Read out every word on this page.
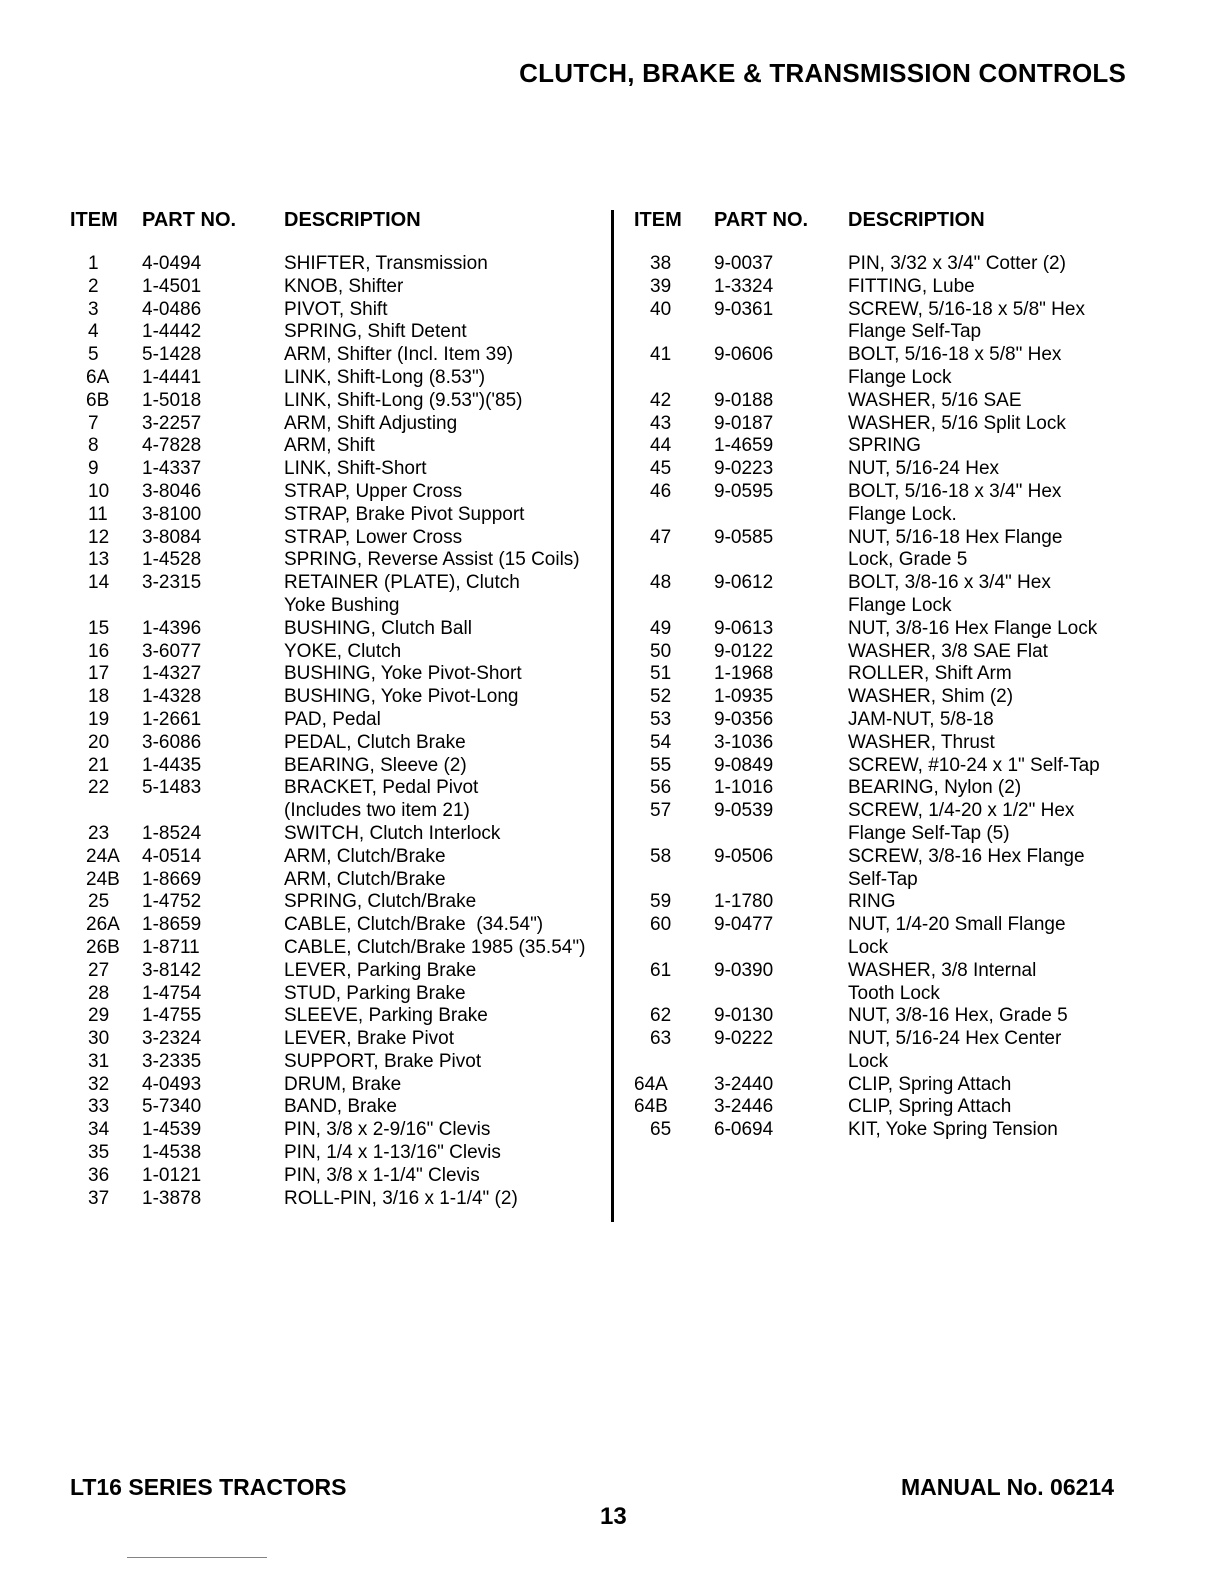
CLUTCH, BRAKE & TRANSMISSION CONTROLS
ITEM	PART NO.	DESCRIPTION
1	4-0494	SHIFTER, Transmission
2	1-4501	KNOB, Shifter
3	4-0486	PIVOT, Shift
4	1-4442	SPRING, Shift Detent
5	5-1428	ARM, Shifter (Incl. Item 39)
6A	1-4441	LINK, Shift-Long (8.53")
6B	1-5018	LINK, Shift-Long (9.53")('85)
7	3-2257	ARM, Shift Adjusting
8	4-7828	ARM, Shift
9	1-4337	LINK, Shift-Short
10	3-8046	STRAP, Upper Cross
11	3-8100	STRAP, Brake Pivot Support
12	3-8084	STRAP, Lower Cross
13	1-4528	SPRING, Reverse Assist (15 Coils)
14	3-2315	RETAINER (PLATE), Clutch
Yoke Bushing
15	1-4396	BUSHING, Clutch Ball
16	3-6077	YOKE, Clutch
17	1-4327	BUSHING, Yoke Pivot-Short
18	1-4328	BUSHING, Yoke Pivot-Long
19	1-2661	PAD, Pedal
20	3-6086	PEDAL, Clutch Brake
21	1-4435	BEARING, Sleeve (2)
22	5-1483	BRACKET, Pedal Pivot
(Includes two item 21)
23	1-8524	SWITCH, Clutch Interlock
24A	4-0514	ARM, Clutch/Brake
24B	1-8669	ARM, Clutch/Brake
25	1-4752	SPRING, Clutch/Brake
26A	1-8659	CABLE, Clutch/Brake  (34.54")
26B	1-8711	CABLE, Clutch/Brake 1985 (35.54")
27	3-8142	LEVER, Parking Brake
28	1-4754	STUD, Parking Brake
29	1-4755	SLEEVE, Parking Brake
30	3-2324	LEVER, Brake Pivot
31	3-2335	SUPPORT, Brake Pivot
32	4-0493	DRUM, Brake
33	5-7340	BAND, Brake
34	1-4539	PIN, 3/8 x 2-9/16" Clevis
35	1-4538	PIN, 1/4 x 1-13/16" Clevis
36	1-0121	PIN, 3/8 x 1-1/4" Clevis
37	1-3878	ROLL-PIN, 3/16 x 1-1/4" (2)
ITEM	PART NO.	DESCRIPTION
38	9-0037	PIN, 3/32 x 3/4" Cotter (2)
39	1-3324	FITTING, Lube
40	9-0361	SCREW, 5/16-18 x 5/8" Hex
Flange Self-Tap
41	9-0606	BOLT, 5/16-18 x 5/8" Hex
Flange Lock
42	9-0188	WASHER, 5/16 SAE
43	9-0187	WASHER, 5/16 Split Lock
44	1-4659	SPRING
45	9-0223	NUT, 5/16-24 Hex
46	9-0595	BOLT, 5/16-18 x 3/4" Hex
Flange Lock.
47	9-0585	NUT, 5/16-18 Hex Flange
Lock, Grade 5
48	9-0612	BOLT, 3/8-16 x 3/4" Hex
Flange Lock
49	9-0613	NUT, 3/8-16 Hex Flange Lock
50	9-0122	WASHER, 3/8 SAE Flat
51	1-1968	ROLLER, Shift Arm
52	1-0935	WASHER, Shim (2)
53	9-0356	JAM-NUT, 5/8-18
54	3-1036	WASHER, Thrust
55	9-0849	SCREW, #10-24 x 1" Self-Tap
56	1-1016	BEARING, Nylon (2)
57	9-0539	SCREW, 1/4-20 x 1/2" Hex
Flange Self-Tap (5)
58	9-0506	SCREW, 3/8-16 Hex Flange
Self-Tap
59	1-1780	RING
60	9-0477	NUT, 1/4-20 Small Flange
Lock
61	9-0390	WASHER, 3/8 Internal
Tooth Lock
62	9-0130	NUT, 3/8-16 Hex, Grade 5
63	9-0222	NUT, 5/16-24 Hex Center
Lock
64A	3-2440	CLIP, Spring Attach
64B	3-2446	CLIP, Spring Attach
65	6-0694	KIT, Yoke Spring Tension
LT16 SERIES TRACTORS
13
MANUAL No. 06214
